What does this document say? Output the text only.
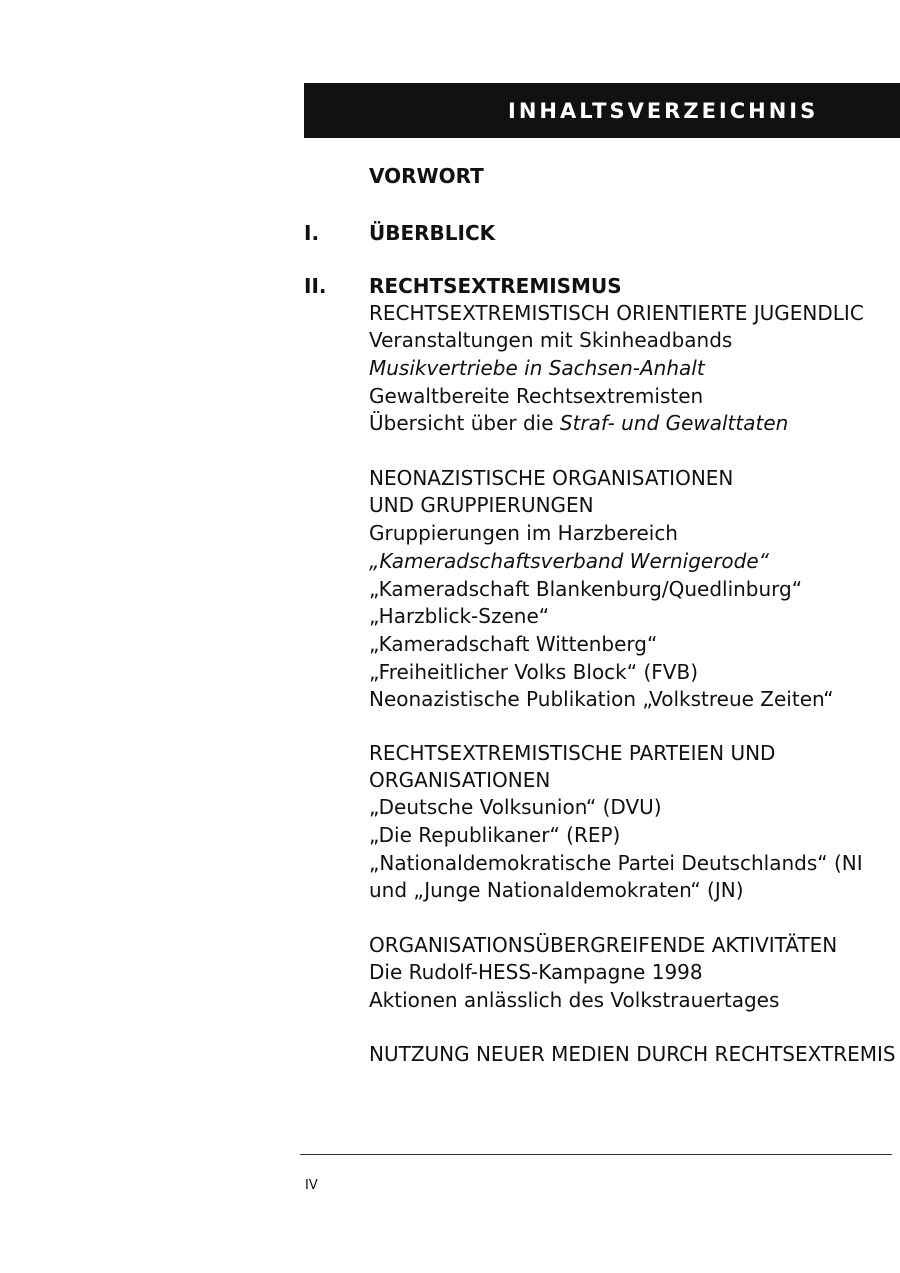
INHALTSVERZEICHNIS
VORWORT
I. ÜBERBLICK
II. RECHTSEXTREMISMUS
RECHTSEXTREMISTISCH ORIENTIERTE JUGENDLIC
Veranstaltungen mit Skinheadbands
Musikvertriebe in Sachsen-Anhalt
Gewaltbereite Rechtsextremisten
Übersicht über die Straf- und Gewalttaten
NEONAZISTISCHE ORGANISATIONEN
UND GRUPPIERUNGEN
Gruppierungen im Harzbereich
„Kameradschaftsverband Wernigerode“
„Kameradschaft Blankenburg/Quedlinburg“
„Harzblick-Szene“
„Kameradschaft Wittenberg“
„Freiheitlicher Volks Block“ (FVB)
Neonazistische Publikation „Volkstreue Zeiten“
RECHTSEXTREMISTISCHE PARTEIEN UND
ORGANISATIONEN
„Deutsche Volksunion“ (DVU)
„Die Republikaner“ (REP)
„Nationaldemokratische Partei Deutschlands“ (NI
und „Junge Nationaldemokraten“ (JN)
ORGANISATIONSÜBERGREIFENDE AKTIVITÄTEN
Die Rudolf-HESS-Kampagne 1998
Aktionen anlässlich des Volkstrauertages
NUTZUNG NEUER MEDIEN DURCH RECHTSEXTREMIS
IV
